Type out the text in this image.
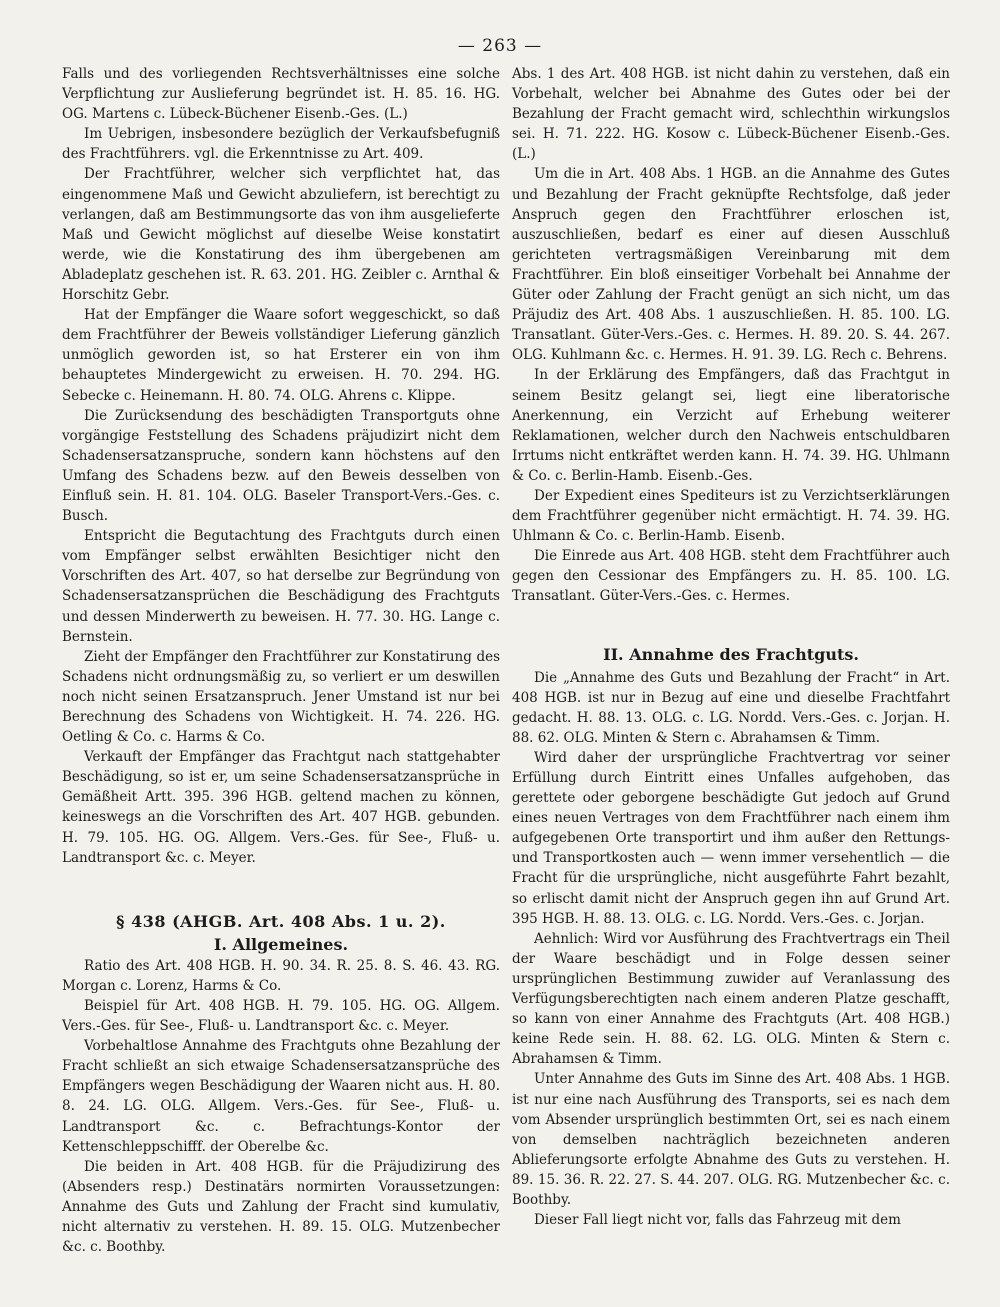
— 263 —

Falls und des vorliegenden Rechtsverhältnisses eine solche Verpflichtung zur Auslieferung begründet ist. H. 85. 16. HG. OG. Martens c. Lübeck-Büchener Eisenb.-Ges. (L.)

Im Uebrigen, insbesondere bezüglich der Verkaufsbefugniß des Frachtführers. vgl. die Erkenntnisse zu Art. 409.

Der Frachtführer, welcher sich verpflichtet hat, das eingenommene Maß und Gewicht abzuliefern, ist berechtigt zu verlangen, daß am Bestimmungsorte das von ihm ausgelieferte Maß und Gewicht möglichst auf dieselbe Weise konstatirt werde, wie die Konstatirung des ihm übergebenen am Abladeplatz geschehen ist. R. 63. 201. HG. Zeibler c. Arnthal & Horschitz Gebr.

Hat der Empfänger die Waare sofort weggeschickt, so daß dem Frachtführer der Beweis vollständiger Lieferung gänzlich unmöglich geworden ist, so hat Ersterer ein von ihm behauptetes Mindergewicht zu erweisen. H. 70. 294. HG. Sebecke c. Heinemann. H. 80. 74. OLG. Ahrens c. Klippe.

Die Zurücksendung des beschädigten Transportguts ohne vorgängige Feststellung des Schadens präjudizirt nicht dem Schadensersatzanspruche, sondern kann höchstens auf den Umfang des Schadens bezw. auf den Beweis desselben von Einfluß sein. H. 81. 104. OLG. Baseler Transport-Vers.-Ges. c. Busch.

Entspricht die Begutachtung des Frachtguts durch einen vom Empfänger selbst erwählten Besichtiger nicht den Vorschriften des Art. 407, so hat derselbe zur Begründung von Schadensersatzansprüchen die Beschädigung des Frachtguts und dessen Minderwerth zu beweisen. H. 77. 30. HG. Lange c. Bernstein.

Zieht der Empfänger den Frachtführer zur Konstatirung des Schadens nicht ordnungsmäßig zu, so verliert er um deswillen noch nicht seinen Ersatzanspruch. Jener Umstand ist nur bei Berechnung des Schadens von Wichtigkeit. H. 74. 226. HG. Oetling & Co. c. Harms & Co.

Verkauft der Empfänger das Frachtgut nach stattgehabter Beschädigung, so ist er, um seine Schadensersatzansprüche in Gemäßheit Artt. 395. 396 HGB. geltend machen zu können, keineswegs an die Vorschriften des Art. 407 HGB. gebunden. H. 79. 105. HG. OG. Allgem. Vers.-Ges. für See-, Fluß- u. Landtransport &c. c. Meyer.

§ 438 (AHGB. Art. 408 Abs. 1 u. 2).
I. Allgemeines.

Ratio des Art. 408 HGB. H. 90. 34. R. 25. 8. S. 46. 43. RG. Morgan c. Lorenz, Harms & Co.

Beispiel für Art. 408 HGB. H. 79. 105. HG. OG. Allgem. Vers.-Ges. für See-, Fluß- u. Landtransport &c. c. Meyer.

Vorbehaltlose Annahme des Frachtguts ohne Bezahlung der Fracht schließt an sich etwaige Schadensersatzansprüche des Empfängers wegen Beschädigung der Waaren nicht aus. H. 80. 8. 24. LG. OLG. Allgem. Vers.-Ges. für See-, Fluß- u. Landtransport &c. c. Befrachtungs-Kontor der Kettenschleppschifff. der Oberelbe &c.

Die beiden in Art. 408 HGB. für die Präjudizirung des (Absenders resp.) Destinatärs normirten Voraussetzungen: Annahme des Guts und Zahlung der Fracht sind kumulativ, nicht alternativ zu verstehen. H. 89. 15. OLG. Mutzenbecher &c. c. Boothby.

Abs. 1 des Art. 408 HGB. ist nicht dahin zu verstehen, daß ein Vorbehalt, welcher bei Abnahme des Gutes oder bei der Bezahlung der Fracht gemacht wird, schlechthin wirkungslos sei. H. 71. 222. HG. Kosow c. Lübeck-Büchener Eisenb.-Ges. (L.)

Um die in Art. 408 Abs. 1 HGB. an die Annahme des Gutes und Bezahlung der Fracht geknüpfte Rechtsfolge, daß jeder Anspruch gegen den Frachtführer erloschen ist, auszuschließen, bedarf es einer auf diesen Ausschluß gerichteten vertragsmäßigen Vereinbarung mit dem Frachtführer. Ein bloß einseitiger Vorbehalt bei Annahme der Güter oder Zahlung der Fracht genügt an sich nicht, um das Präjudiz des Art. 408 Abs. 1 auszuschließen. H. 85. 100. LG. Transatlant. Güter-Vers.-Ges. c. Hermes. H. 89. 20. S. 44. 267. OLG. Kuhlmann &c. c. Hermes. H. 91. 39. LG. Rech c. Behrens.

In der Erklärung des Empfängers, daß das Frachtgut in seinem Besitz gelangt sei, liegt eine liberatorische Anerkennung, ein Verzicht auf Erhebung weiterer Reklamationen, welcher durch den Nachweis entschuldbaren Irrtums nicht entkräftet werden kann. H. 74. 39. HG. Uhlmann & Co. c. Berlin-Hamb. Eisenb.-Ges.

Der Expedient eines Spediteurs ist zu Verzichtserklärungen dem Frachtführer gegenüber nicht ermächtigt. H. 74. 39. HG. Uhlmann & Co. c. Berlin-Hamb. Eisenb.

Die Einrede aus Art. 408 HGB. steht dem Frachtführer auch gegen den Cessionar des Empfängers zu. H. 85. 100. LG. Transatlant. Güter-Vers.-Ges. c. Hermes.

II. Annahme des Frachtguts.

Die „Annahme des Guts und Bezahlung der Fracht“ in Art. 408 HGB. ist nur in Bezug auf eine und dieselbe Frachtfahrt gedacht. H. 88. 13. OLG. c. LG. Nordd. Vers.-Ges. c. Jorjan. H. 88. 62. OLG. Minten & Stern c. Abrahamsen & Timm.

Wird daher der ursprüngliche Frachtvertrag vor seiner Erfüllung durch Eintritt eines Unfalles aufgehoben, das gerettete oder geborgene beschädigte Gut jedoch auf Grund eines neuen Vertrages von dem Frachtführer nach einem ihm aufgegebenen Orte transportirt und ihm außer den Rettungs- und Transportkosten auch — wenn immer versehentlich — die Fracht für die ursprüngliche, nicht ausgeführte Fahrt bezahlt, so erlischt damit nicht der Anspruch gegen ihn auf Grund Art. 395 HGB. H. 88. 13. OLG. c. LG. Nordd. Vers.-Ges. c. Jorjan.

Aehnlich: Wird vor Ausführung des Frachtvertrags ein Theil der Waare beschädigt und in Folge dessen seiner ursprünglichen Bestimmung zuwider auf Veranlassung des Verfügungsberechtigten nach einem anderen Platze geschafft, so kann von einer Annahme des Frachtguts (Art. 408 HGB.) keine Rede sein. H. 88. 62. LG. OLG. Minten & Stern c. Abrahamsen & Timm.

Unter Annahme des Guts im Sinne des Art. 408 Abs. 1 HGB. ist nur eine nach Ausführung des Transports, sei es nach dem vom Absender ursprünglich bestimmten Ort, sei es nach einem von demselben nachträglich bezeichneten anderen Ablieferungsorte erfolgte Abnahme des Guts zu verstehen. H. 89. 15. 36. R. 22. 27. S. 44. 207. OLG. RG. Mutzenbecher &c. c. Boothby.

Dieser Fall liegt nicht vor, falls das Fahrzeug mit dem
